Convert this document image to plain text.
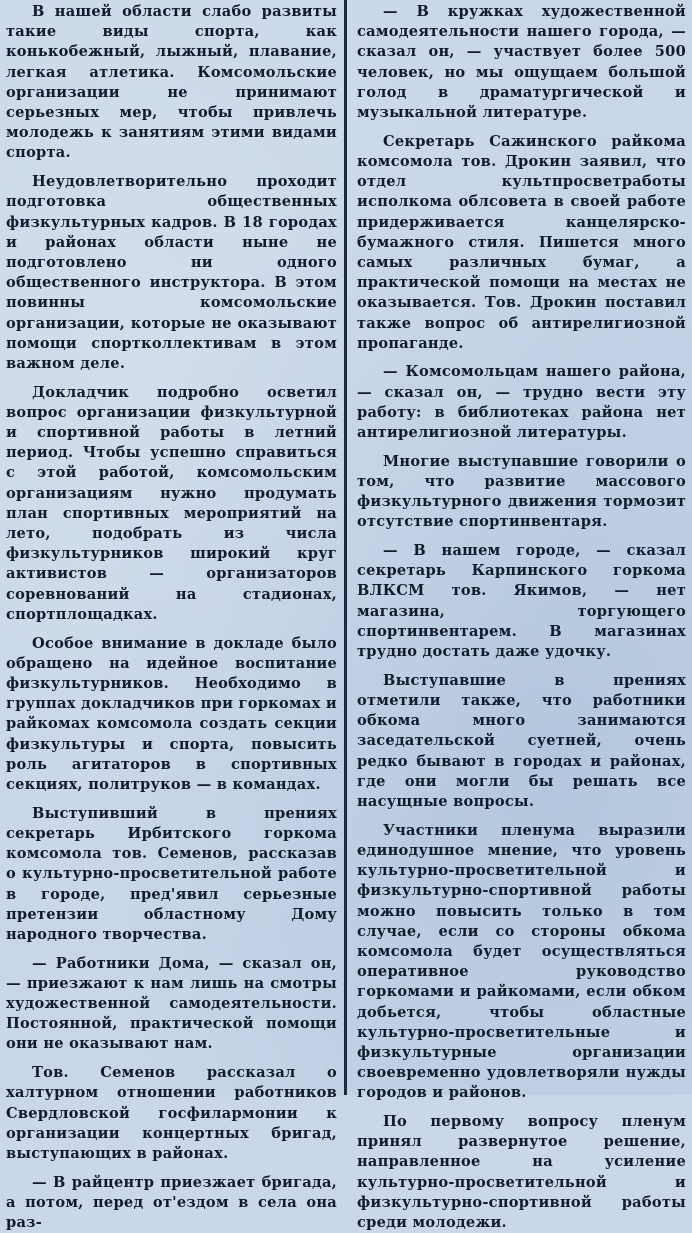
В нашей области слабо развиты такие виды спорта, как конькобежный, лыжный, плавание, легкая атлетика. Комсомольские организации не принимают серьезных мер, чтобы привлечь молодежь к занятиям этими видами спорта.

Неудовлетворительно проходит подготовка общественных физкультурных кадров. В 18 городах и районах области ныне не подготовлено ни одного общественного инструктора. В этом повинны комсомольские организации, которые не оказывают помощи спортколлективам в этом важном деле.

Докладчик подробно осветил вопрос организации физкультурной и спортивной работы в летний период. Чтобы успешно справиться с этой работой, комсомольским организациям нужно продумать план спортивных мероприятий на лето, подобрать из числа физкультурников широкий круг активистов — организаторов соревнований на стадионах, спортплощадках.

Особое внимание в докладе было обращено на идейное воспитание физкультурников. Необходимо в группах докладчиков при горкомах и райкомах комсомола создать секции физкультуры и спорта, повысить роль агитаторов в спортивных секциях, политруков — в командах.

Выступивший в прениях секретарь Ирбитского горкома комсомола тов. Семенов, рассказав о культурно-просветительной работе в городе, пред'явил серьезные претензии областному Дому народного творчества.

— Работники Дома, — сказал он, — приезжают к нам лишь на смотры художественной самодеятельности. Постоянной, практической помощи они не оказывают нам.

Тов. Семенов рассказал о халтурном отношении работников Свердловской госфилармонии к организации концертных бригад, выступающих в районах.

— В райцентр приезжает бригада, а потом, перед от'ездом в села она раз-

— В кружках художественной самодеятельности нашего города, — сказал он, — участвует более 500 человек, но мы ощущаем большой голод в драматургической и музыкальной литературе.

Секретарь Сажинского райкома комсомола тов. Дрокин заявил, что отдел культпросветработы исполкома облсовета в своей работе придерживается канцелярско-бумажного стиля. Пишется много самых различных бумаг, а практической помощи на местах не оказывается. Тов. Дрокин поставил также вопрос об антирелигиозной пропаганде.

— Комсомольцам нашего района, — сказал он, — трудно вести эту работу: в библиотеках района нет антирелигиозной литературы.

Многие выступавшие говорили о том, что развитие массового физкультурного движения тормозит отсутствие спортинвентаря.

— В нашем городе, — сказал секретарь Карпинского горкома ВЛКСМ тов. Якимов, — нет магазина, торгующего спортинвентарем. В магазинах трудно достать даже удочку.

Выступавшие в прениях отметили также, что работники обкома много занимаются заседательской суетней, очень редко бывают в городах и районах, где они могли бы решать все насущные вопросы.

Участники пленума выразили единодушное мнение, что уровень культурно-просветительной и физкультурно-спортивной работы можно повысить только в том случае, если со стороны обкома комсомола будет осуществляться оперативное руководство горкомами и райкомами, если обком добьется, чтобы областные культурно-просветительные и физкультурные организации своевременно удовлетворяли нужды городов и районов.

По первому вопросу пленум принял развернутое решение, направленное на усиление культурно-просветительной и физкультурно-спортивной работы среди молодежи.
